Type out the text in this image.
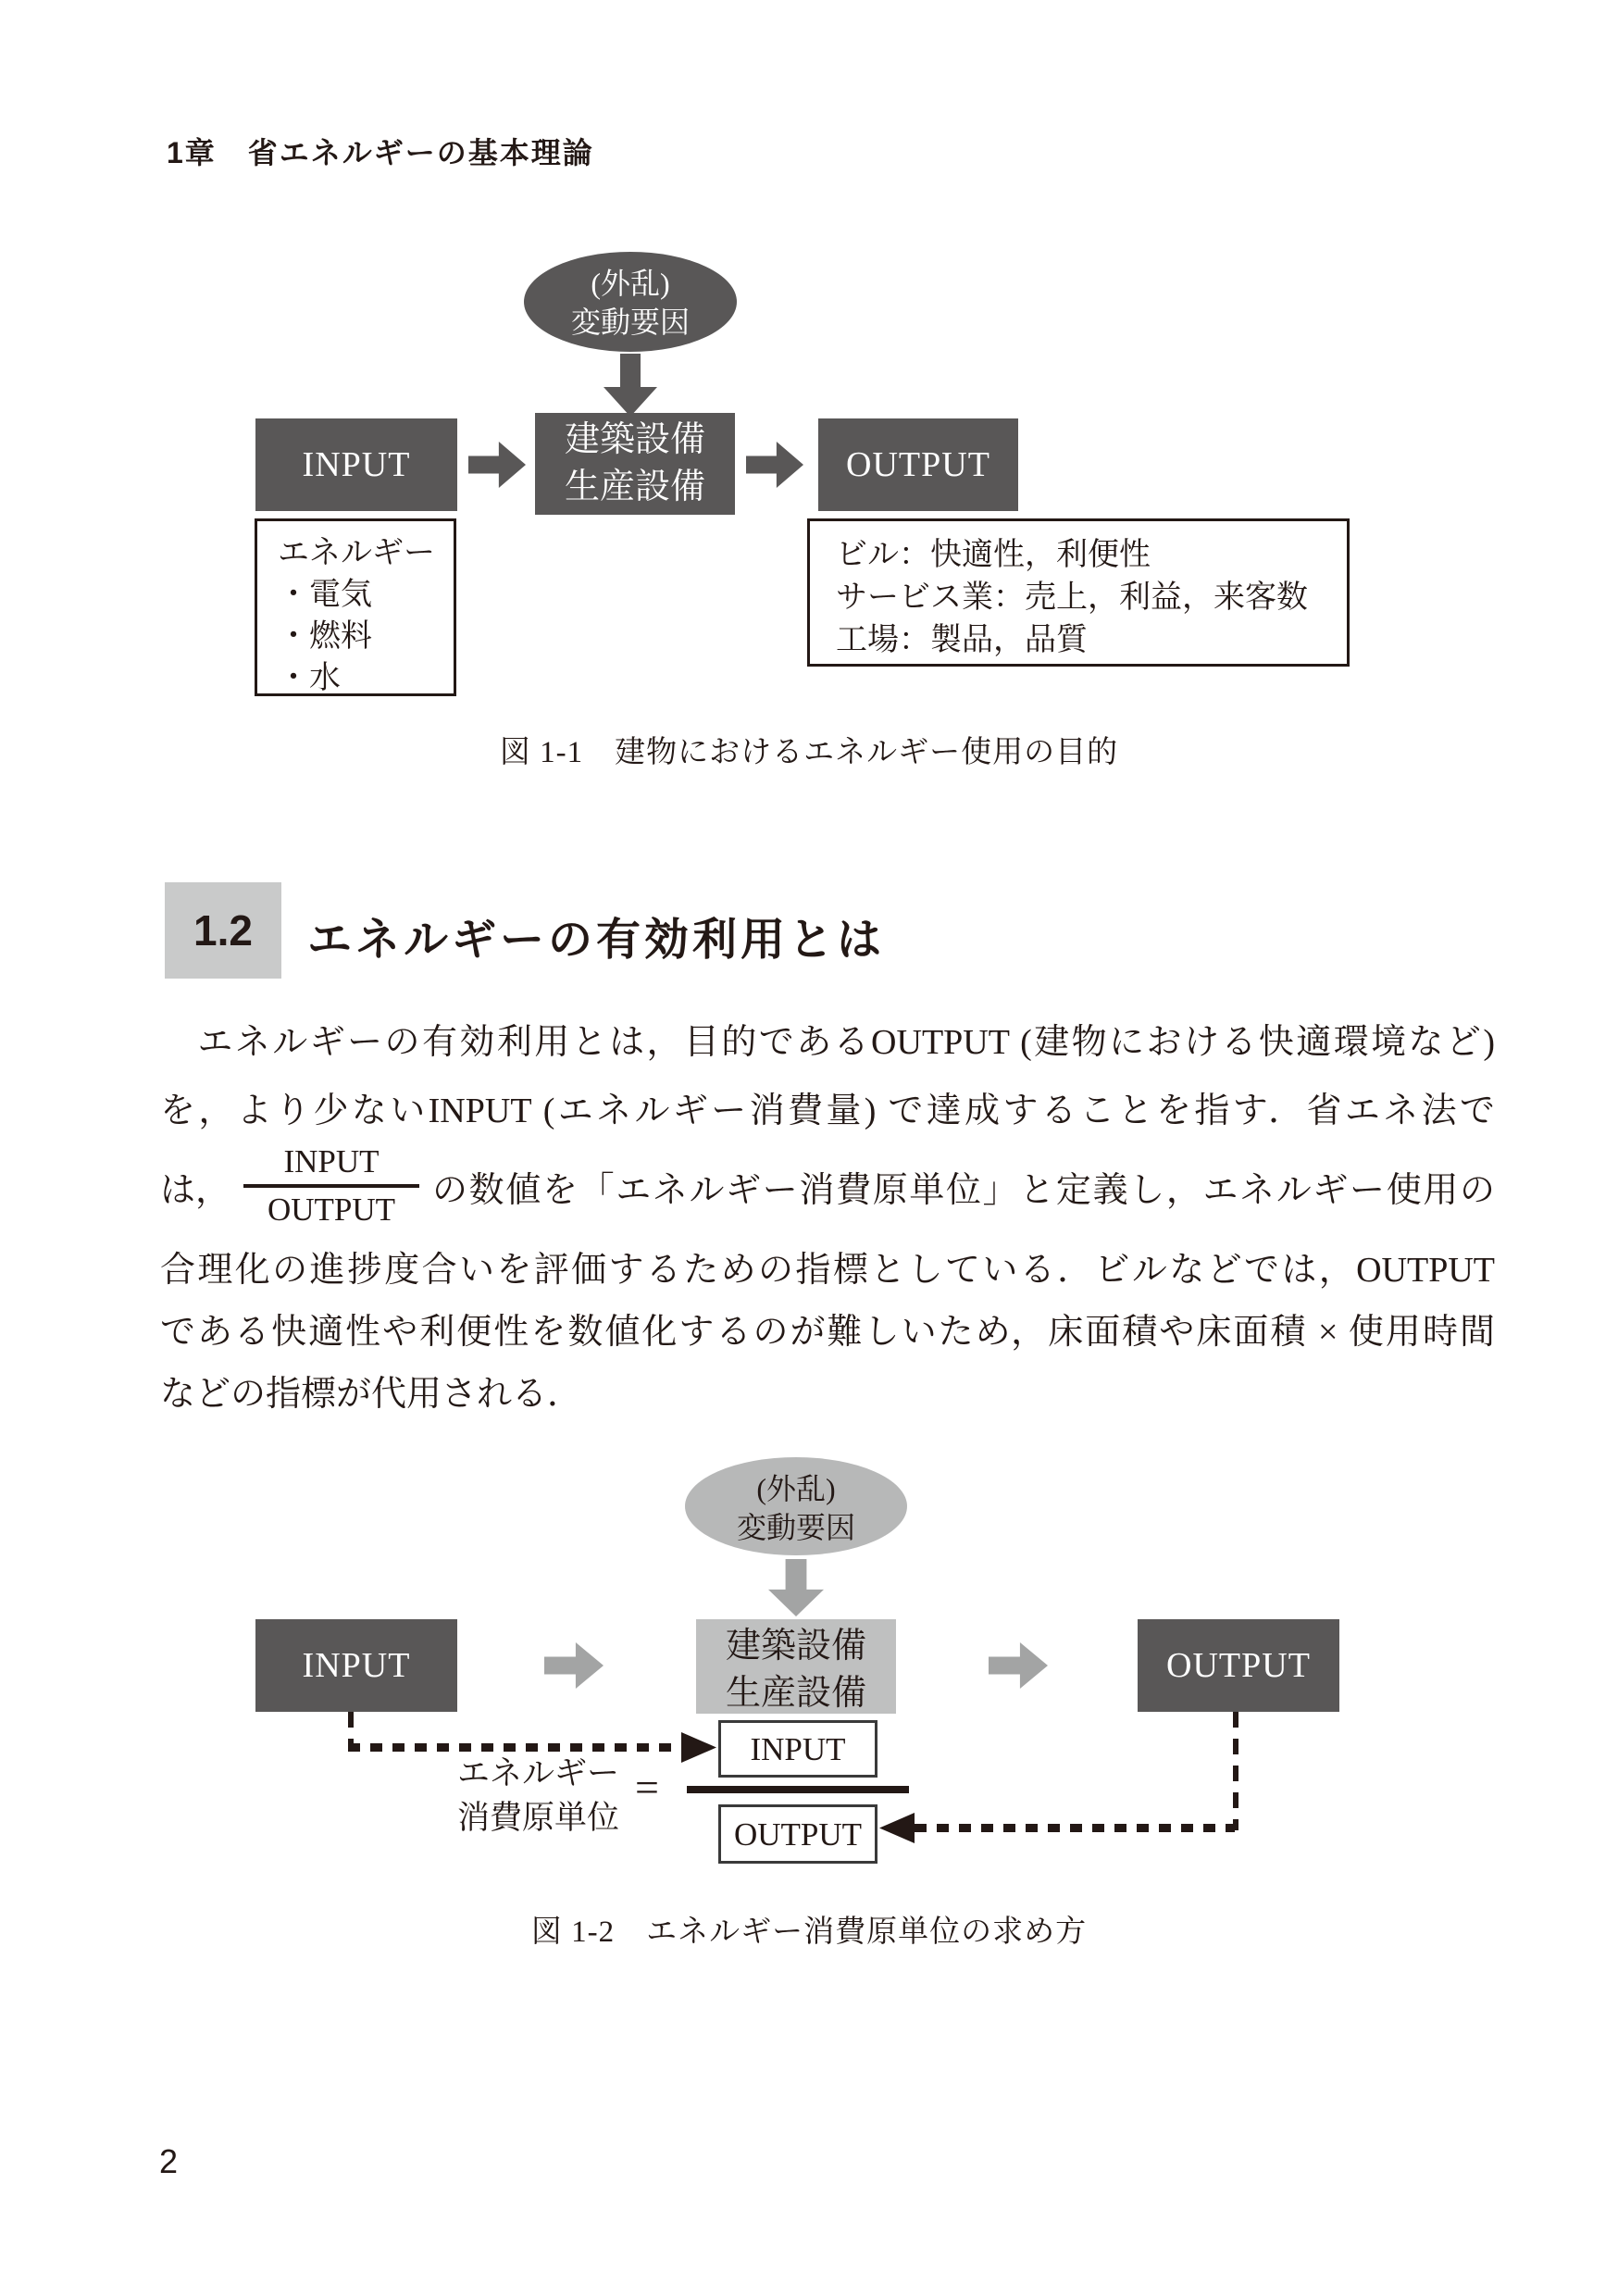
1章　省エネルギーの基本理論
(外乱)
変動要因
INPUT
建築設備
生産設備
OUTPUT
エネルギー
・電気
・燃料
・水
ビル：快適性，利便性
サービス業：売上，利益，来客数
工場：製品，品質
図 1-1　建物におけるエネルギー使用の目的
1.2	エネルギーの有効利用とは
　エネルギーの有効利用とは，目的であるOUTPUT (建物における快適環境など)
を，より少ないINPUT (エネルギー消費量) で達成することを指す．省エネ法で
は， $\frac{\text{INPUT}}{\text{OUTPUT}}$ の数値を「エネルギー消費原単位」と定義し，エネルギー使用の
合理化の進捗度合いを評価するための指標としている．ビルなどでは，OUTPUT
である快適性や利便性を数値化するのが難しいため，床面積や床面積 × 使用時間
などの指標が代用される．
(外乱)
変動要因
INPUT	建築設備
生産設備
OUTPUT
エネルギー
消費原単位
=
INPUT
OUTPUT
図 1-2　エネルギー消費原単位の求め方
2
